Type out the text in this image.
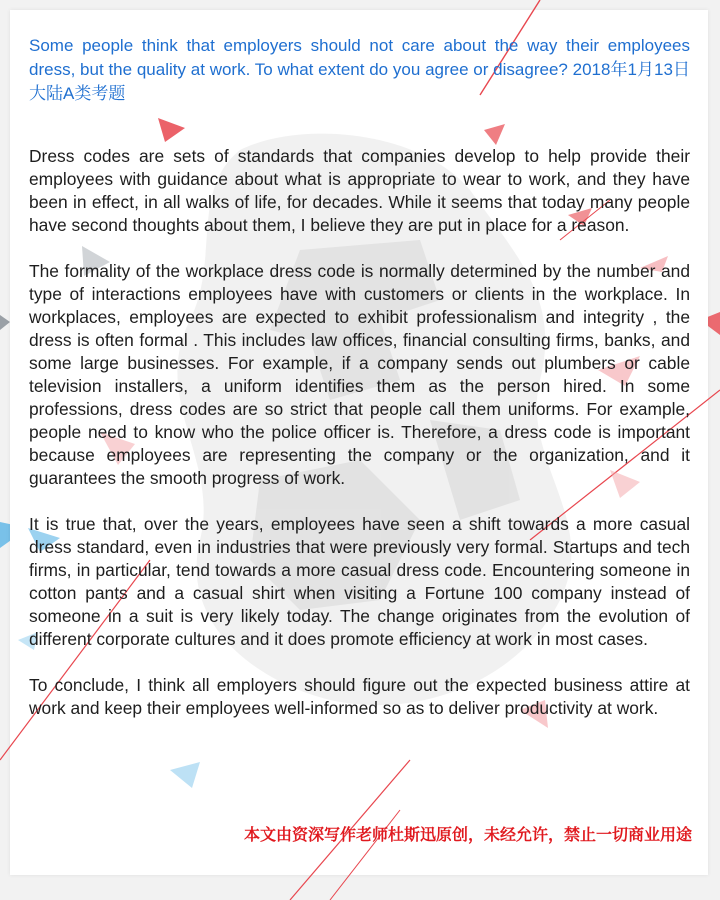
Some people think that employers should not care about the way their employees dress, but the quality at work. To what extent do you agree or disagree? 2018年1月13日大陆A类考题

Dress codes are sets of standards that companies develop to help provide their employees with guidance about what is appropriate to wear to work, and they have been in effect, in all walks of life, for decades. While it seems that today many people have second thoughts about them, I believe they are put in place for a reason.

The formality of the workplace dress code is normally determined by the number and type of interactions employees have with customers or clients in the workplace. In workplaces, employees are expected to exhibit professionalism and integrity , the dress is often formal . This includes law offices, financial consulting firms, banks, and some large businesses. For example, if a company sends out plumbers or cable television installers, a uniform identifies them as the person hired. In some professions, dress codes are so strict that people call them uniforms. For example, people need to know who the police officer is. Therefore, a dress code is important because employees are representing the company or the organization, and it guarantees the smooth progress of work.

It is true that, over the years, employees have seen a shift towards a more casual dress standard, even in industries that were previously very formal. Startups and tech firms, in particular, tend towards a more casual dress code. Encountering someone in cotton pants and a casual shirt when visiting a Fortune 100 company instead of someone in a suit is very likely today. The change originates from the evolution of different corporate cultures and it does promote efficiency at work in most cases.

To conclude, I think all employers should figure out the expected business attire at work and keep their employees well-informed so as to deliver productivity at work.

本文由资深写作老师杜斯迅原创，未经允许，禁止一切商业用途
